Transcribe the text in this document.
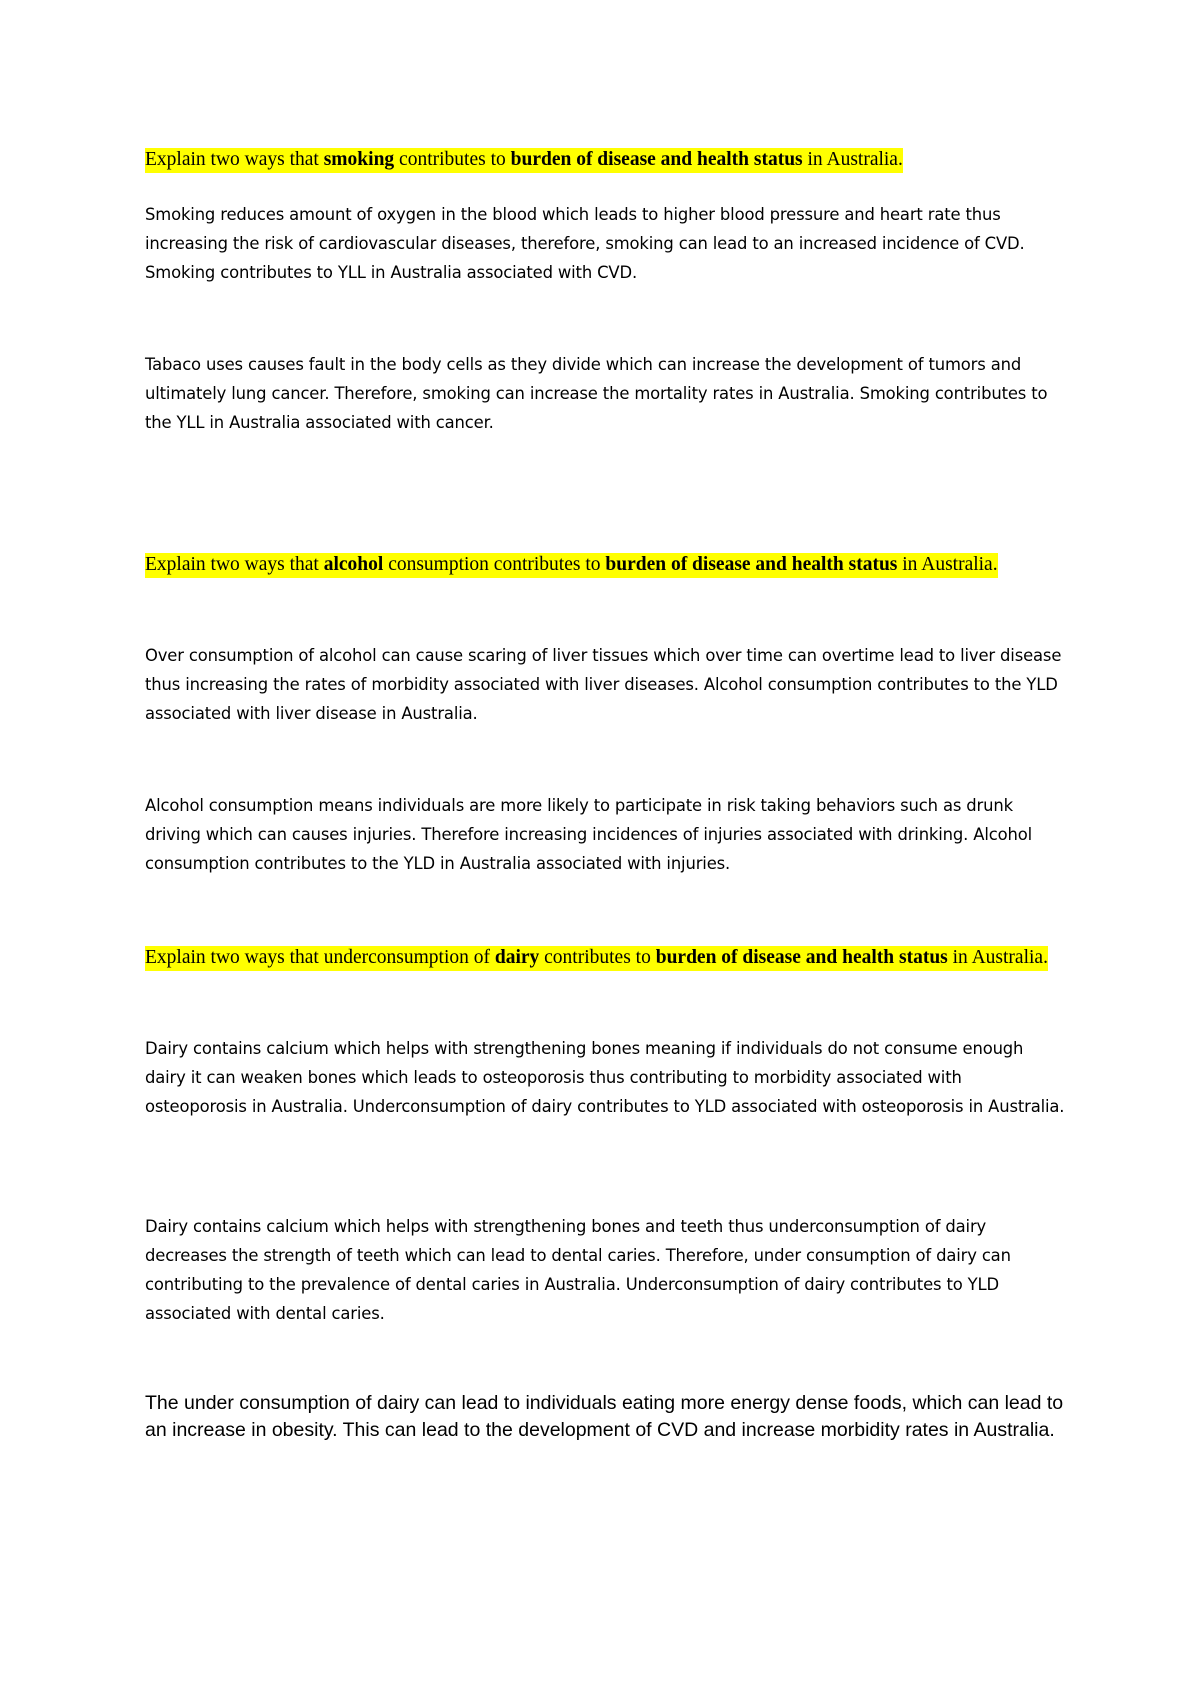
Explain two ways that smoking contributes to burden of disease and health status in Australia.

Smoking reduces amount of oxygen in the blood which leads to higher blood pressure and heart rate thus increasing the risk of cardiovascular diseases, therefore, smoking can lead to an increased incidence of CVD. Smoking contributes to YLL in Australia associated with CVD.

Tabaco uses causes fault in the body cells as they divide which can increase the development of tumors and ultimately lung cancer. Therefore, smoking can increase the mortality rates in Australia. Smoking contributes to the YLL in Australia associated with cancer.

Explain two ways that alcohol consumption contributes to burden of disease and health status in Australia.

Over consumption of alcohol can cause scaring of liver tissues which over time can overtime lead to liver disease thus increasing the rates of morbidity associated with liver diseases. Alcohol consumption contributes to the YLD associated with liver disease in Australia.

Alcohol consumption means individuals are more likely to participate in risk taking behaviors such as drunk driving which can causes injuries. Therefore increasing incidences of injuries associated with drinking. Alcohol consumption contributes to the YLD in Australia associated with injuries.

Explain two ways that underconsumption of dairy contributes to burden of disease and health status in Australia.

Dairy contains calcium which helps with strengthening bones meaning if individuals do not consume enough dairy it can weaken bones which leads to osteoporosis thus contributing to morbidity associated with osteoporosis in Australia. Underconsumption of dairy contributes to YLD associated with osteoporosis in Australia.

Dairy contains calcium which helps with strengthening bones and teeth thus underconsumption of dairy decreases the strength of teeth which can lead to dental caries. Therefore, under consumption of dairy can contributing to the prevalence of dental caries in Australia. Underconsumption of dairy contributes to YLD associated with dental caries.

The under consumption of dairy can lead to individuals eating more energy dense foods, which can lead to an increase in obesity. This can lead to the development of CVD and increase morbidity rates in Australia.
